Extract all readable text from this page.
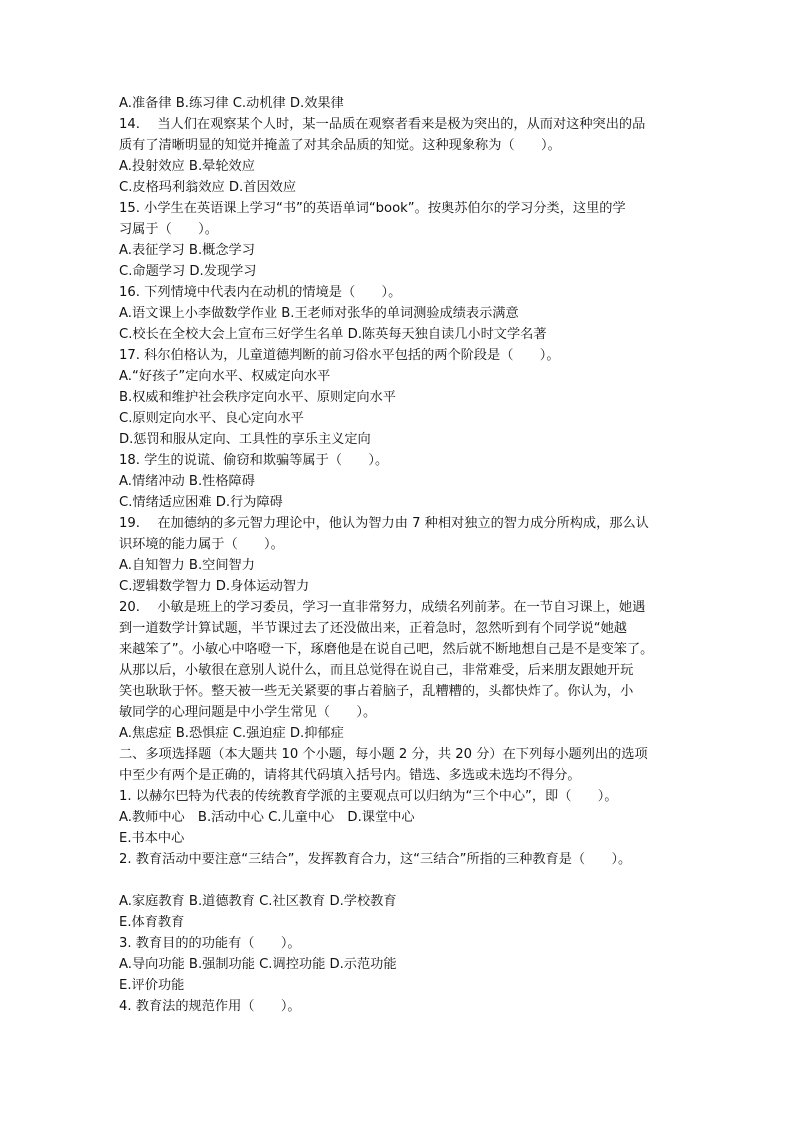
A.准备律 B.练习律 C.动机律 D.效果律
14.　 当人们在观察某个人时，某一品质在观察者看来是极为突出的，从而对这种突出的品
质有了清晰明显的知觉并掩盖了对其余品质的知觉。这种现象称为（　　）。
A.投射效应 B.晕轮效应
C.皮格玛利翁效应 D.首因效应
15. 小学生在英语课上学习“书”的英语单词“book”。按奥苏伯尔的学习分类，这里的学
习属于（　　）。
A.表征学习 B.概念学习
C.命题学习 D.发现学习
16. 下列情境中代表内在动机的情境是（　　）。
A.语文课上小李做数学作业 B.王老师对张华的单词测验成绩表示满意
C.校长在全校大会上宣布三好学生名单 D.陈英每天独自读几小时文学名著
17. 科尔伯格认为，儿童道德判断的前习俗水平包括的两个阶段是（　　）。
A.“好孩子”定向水平、权威定向水平
B.权威和维护社会秩序定向水平、原则定向水平
C.原则定向水平、良心定向水平
D.惩罚和服从定向、工具性的享乐主义定向
18. 学生的说谎、偷窃和欺骗等属于（　　）。
A.情绪冲动 B.性格障碍
C.情绪适应困难 D.行为障碍
19.　 在加德纳的多元智力理论中，他认为智力由 7 种相对独立的智力成分所构成，那么认
识环境的能力属于（　　）。
A.自知智力 B.空间智力
C.逻辑数学智力 D.身体运动智力
20.　 小敏是班上的学习委员，学习一直非常努力，成绩名列前茅。在一节自习课上，她遇
到一道数学计算试题，半节课过去了还没做出来，正着急时，忽然听到有个同学说“她越
来越笨了”。小敏心中咯噔一下，琢磨他是在说自己吧，然后就不断地想自己是不是变笨了。
从那以后，小敏很在意别人说什么，而且总觉得在说自己，非常难受，后来朋友跟她开玩
笑也耿耿于怀。整天被一些无关紧要的事占着脑子，乱糟糟的，头都快炸了。你认为，小
敏同学的心理问题是中小学生常见（　　）。
A.焦虑症 B.恐惧症 C.强迫症 D.抑郁症
二、多项选择题（本大题共 10 个小题，每小题 2 分，共 20 分）在下列每小题列出的选项
中至少有两个是正确的，请将其代码填入括号内。错选、多选或未选均不得分。
1. 以赫尔巴特为代表的传统教育学派的主要观点可以归纳为“三个中心”，即（　　）。
A.教师中心　B.活动中心 C.儿童中心　D.课堂中心
E.书本中心
2. 教育活动中要注意“三结合”，发挥教育合力，这“三结合”所指的三种教育是（　　）。
A.家庭教育 B.道德教育 C.社区教育 D.学校教育
E.体育教育
3. 教育目的的功能有（　　）。
A.导向功能 B.强制功能 C.调控功能 D.示范功能
E.评价功能
4. 教育法的规范作用（　　）。
